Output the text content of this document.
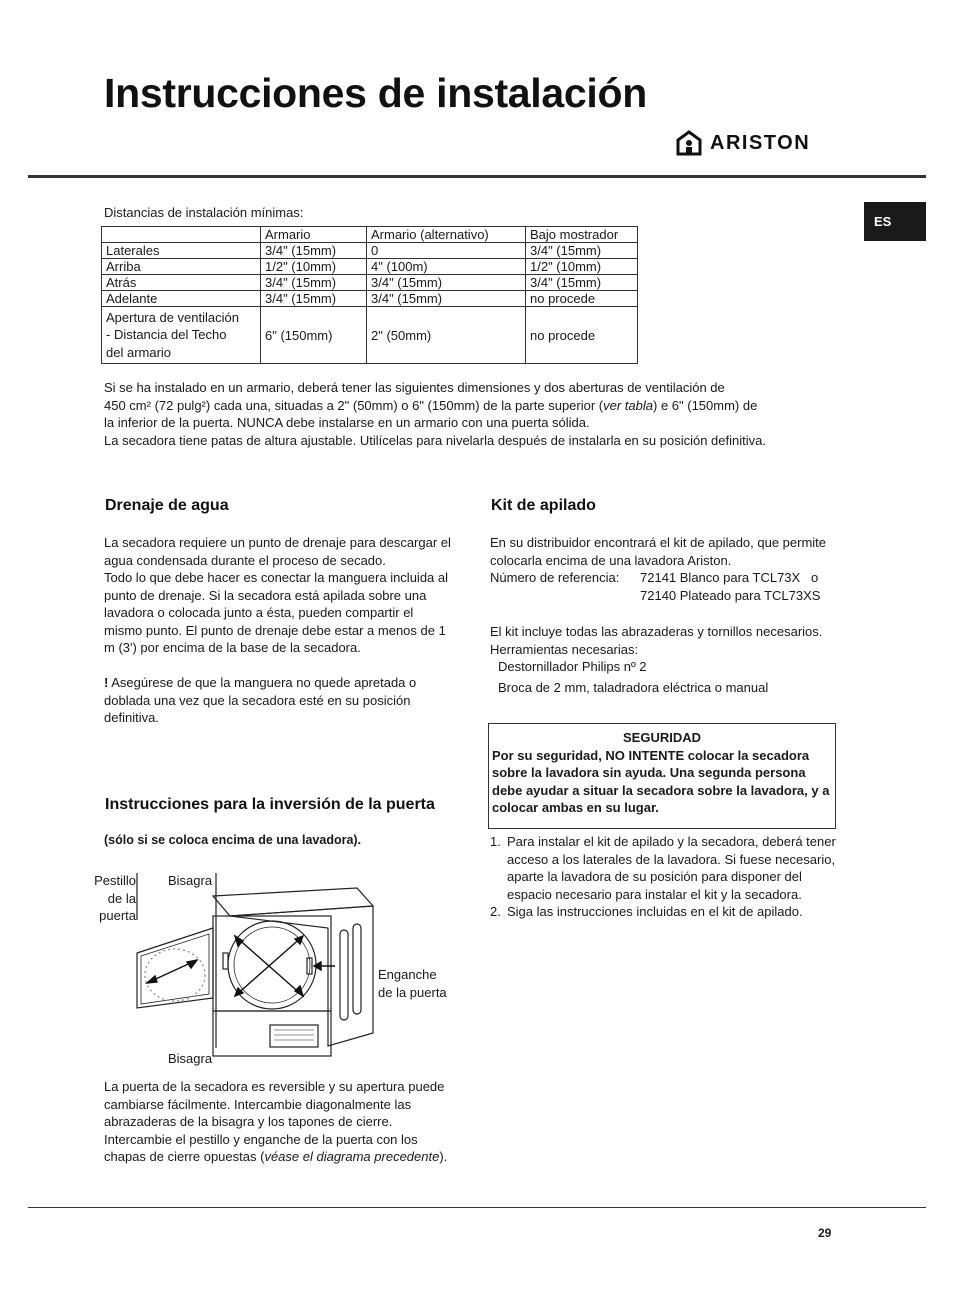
Instrucciones de instalación
ARISTON
ES
Distancias de instalación mínimas:
	Armario	Armario (alternativo)	Bajo mostrador
Laterales	3/4" (15mm)	0	3/4" (15mm)
Arriba	1/2" (10mm)	4" (100m)	1/2" (10mm)
Atrás	3/4" (15mm)	3/4" (15mm)	3/4" (15mm)
Adelante	3/4" (15mm)	3/4" (15mm)	no procede

Apertura de ventilación
- Distancia del Techo
del armario	6" (150mm)	2" (50mm)	no procede
Si se ha instalado en un armario, deberá tener las siguientes dimensiones y dos aberturas de ventilación de
450 cm² (72 pulg²) cada una, situadas a 2" (50mm) o 6" (150mm) de la parte superior (ver tabla) e 6" (150mm) de
la inferior de la puerta. NUNCA debe instalarse en un armario con una puerta sólida.
La secadora tiene patas de altura ajustable. Utilícelas para nivelarla después de instalarla en su posición definitiva.
Drenaje de agua

La secadora requiere un punto de drenaje para descargar el agua condensada durante el proceso de secado.

Todo lo que debe hacer es conectar la manguera incluida al punto de drenaje. Si la secadora está apilada sobre una lavadora o colocada junto a ésta, pueden compartir el mismo punto. El punto de drenaje debe estar a menos de 1 m (3') por encima de la base de la secadora.

! Asegúrese de que la manguera no quede apretada o doblada una vez que la secadora esté en su posición definitiva.

Instrucciones para la inversión de la puerta
(sólo si se coloca encima de una lavadora).
Pestillo
de la
puerta
Bisagra
Bisagra
Enganche
de la puerta
La puerta de la secadora es reversible y su apertura puede cambiarse fácilmente. Intercambie diagonalmente las abrazaderas de la bisagra y los tapones de cierre. Intercambie el pestillo y enganche de la puerta con los chapas de cierre opuestas (véase el diagrama precedente).
Kit de apilado

En su distribuidor encontrará el kit de apilado, que permite colocarla encima de una lavadora Ariston.

Número de referencia:	72141 Blanco para TCL73X   o
72140 Plateado para TCL73XS

El kit incluye todas las abrazaderas y tornillos necesarios.

Herramientas necesarias:

Destornillador Philips nº 2

Broca de 2 mm, taladradora eléctrica o manual

SEGURIDAD
Por su seguridad, NO INTENTE colocar la secadora sobre la lavadora sin ayuda. Una segunda persona debe ayudar a situar la secadora sobre la lavadora, y a colocar ambas en su lugar.
1. Para instalar el kit de apilado y la secadora, deberá tener acceso a los laterales de la lavadora. Si fuese necesario, aparte la lavadora de su posición para disponer del espacio necesario para instalar el kit y la secadora.
2. Siga las instrucciones incluidas en el kit de apilado.
29
